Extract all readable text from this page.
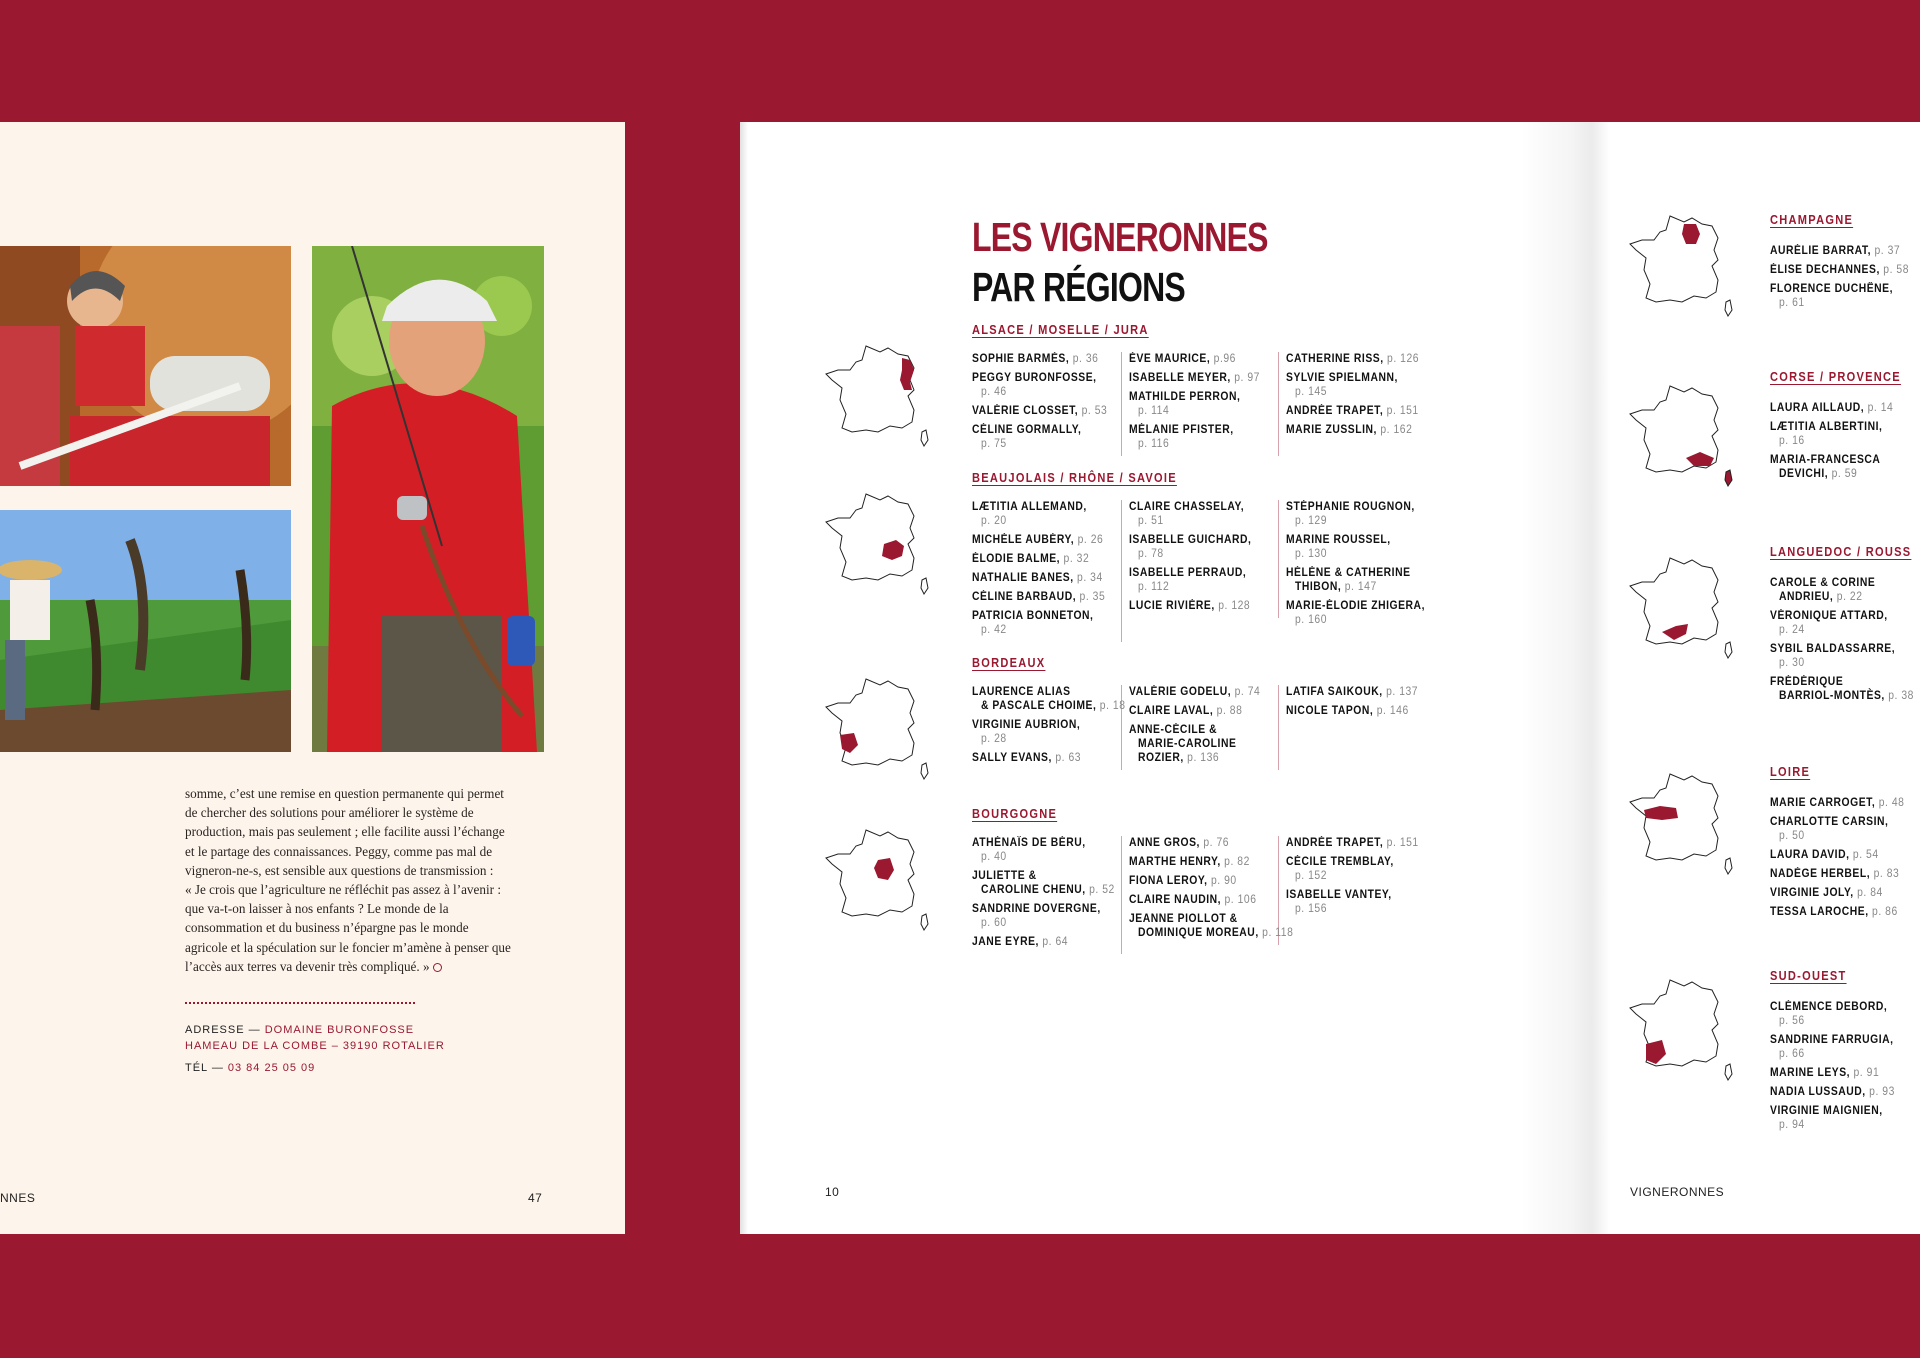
somme, c’est une remise en question permanente qui permet
de chercher des solutions pour améliorer le système de
production, mais pas seulement ; elle facilite aussi l’échange
et le partage des connaissances. Peggy, comme pas mal de
vigneron-ne-s, est sensible aux questions de transmission :
« Je crois que l’agriculture ne réfléchit pas assez à l’avenir :
que va-t-on laisser à nos enfants ? Le monde de la
consommation et du business n’épargne pas le monde
agricole et la spéculation sur le foncier m’amène à penser que
l’accès aux terres va devenir très compliqué. »
ADRESSE — DOMAINE BURONFOSSE
HAMEAU DE LA COMBE – 39190 ROTALIER
TÉL — 03 84 25 05 09
NNES	47
LES VIGNERONNES
PAR RÉGIONS
ALSACE / MOSELLE / JURA
SOPHIE BARMÈS, p. 36
PEGGY BURONFOSSE,
p. 46
VALÉRIE CLOSSET, p. 53
CÉLINE GORMALLY,
p. 75
ÈVE MAURICE, p.96
ISABELLE MEYER, p. 97
MATHILDE PERRON,
p. 114
MÉLANIE PFISTER,
p. 116
CATHERINE RISS, p. 126
SYLVIE SPIELMANN,
p. 145
ANDRÉE TRAPET, p. 151
MARIE ZUSSLIN, p. 162
BEAUJOLAIS / RHÔNE / SAVOIE
LÆTITIA ALLEMAND,
p. 20
MICHÈLE AUBÉRY, p. 26
ÉLODIE BALME, p. 32
NATHALIE BANES, p. 34
CÉLINE BARBAUD, p. 35
PATRICIA BONNETON,
p. 42
CLAIRE CHASSELAY,
p. 51
ISABELLE GUICHARD,
p. 78
ISABELLE PERRAUD,
p. 112
LUCIE RIVIÈRE, p. 128
STÉPHANIE ROUGNON,
p. 129
MARINE ROUSSEL,
p. 130
HÉLÈNE & CATHERINE
THIBON, p. 147
MARIE-ÉLODIE ZHIGERA,
p. 160
BORDEAUX
LAURENCE ALIAS
& PASCALE CHOIME, p. 18
VIRGINIE AUBRION,
p. 28
SALLY EVANS, p. 63
VALÉRIE GODELU, p. 74
CLAIRE LAVAL, p. 88
ANNE-CÉCILE &
MARIE-CAROLINE
ROZIER, p. 136
LATIFA SAIKOUK, p. 137
NICOLE TAPON, p. 146
BOURGOGNE
ATHÉNAÏS DE BÉRU,
p. 40
JULIETTE &
CAROLINE CHENU, p. 52
SANDRINE DOVERGNE,
p. 60
JANE EYRE, p. 64
ANNE GROS, p. 76
MARTHE HENRY, p. 82
FIONA LEROY, p. 90
CLAIRE NAUDIN, p. 106
JEANNE PIOLLOT &
DOMINIQUE MOREAU, p. 118
ANDRÉE TRAPET, p. 151
CÉCILE TREMBLAY,
p. 152
ISABELLE VANTEY,
p. 156
CHAMPAGNE
AURÉLIE BARRAT, p. 37
ÉLISE DECHANNES, p. 58
FLORENCE DUCHÊNE,
p. 61
CORSE / PROVENCE
LAURA AILLAUD, p. 14
LÆTITIA ALBERTINI,
p. 16
MARIA-FRANCESCA
DEVICHI, p. 59
LANGUEDOC / ROUSS
CAROLE & CORINE
ANDRIEU, p. 22
VÉRONIQUE ATTARD,
p. 24
SYBIL BALDASSARRE,
p. 30
FRÉDÉRIQUE
BARRIOL-MONTÈS, p. 38
LOIRE
MARIE CARROGET, p. 48
CHARLOTTE CARSIN,
p. 50
LAURA DAVID, p. 54
NADÈGE HERBEL, p. 83
VIRGINIE JOLY, p. 84
TESSA LAROCHE, p. 86
SUD-OUEST
CLÉMENCE DEBORD,
p. 56
SANDRINE FARRUGIA,
p. 66
MARINE LEYS, p. 91
NADIA LUSSAUD, p. 93
VIRGINIE MAIGNIEN,
p. 94
10	VIGNERONNES
